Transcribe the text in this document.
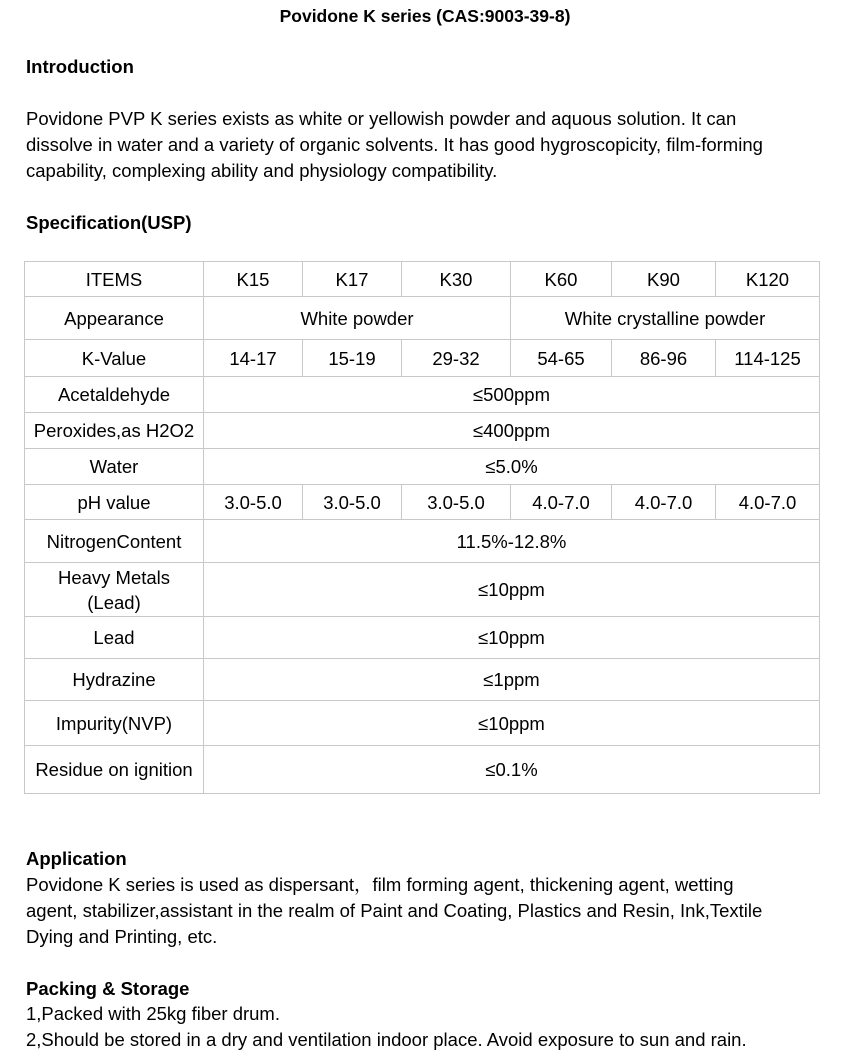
Povidone K series (CAS:9003-39-8)
Introduction

Povidone PVP K series exists as white or yellowish powder and aquous solution. It can
dissolve in water and a variety of organic solvents. It has good hygroscopicity, film-forming
capability, complexing ability and physiology compatibility.

Specification(USP)
ITEMS	K15	K17	K30	K60	K90	K120
Appearance	White powder			White crystalline powder		
K-Value	14-17	15-19	29-32	54-65	86-96	114-125
Acetaldehyde	≤500ppm					
Peroxides,as H2O2	≤400ppm					
Water	≤5.0%					
pH value	3.0-5.0	3.0-5.0	3.0-5.0	4.0-7.0	4.0-7.0	4.0-7.0
NitrogenContent	11.5%-12.8%					

Heavy Metals
(Lead)	≤10ppm					
Lead	≤10ppm					
Hydrazine	≤1ppm					
Impurity(NVP)	≤10ppm					
Residue on ignition	≤0.1%					
Application

Povidone K series is used as dispersant，film forming agent, thickening agent, wetting
agent, stabilizer,assistant in the realm of Paint and Coating, Plastics and Resin, Ink,Textile
Dying and Printing, etc.

Packing & Storage

1,Packed with 25kg fiber drum.
2,Should be stored in a dry and ventilation indoor place. Avoid exposure to sun and rain.
